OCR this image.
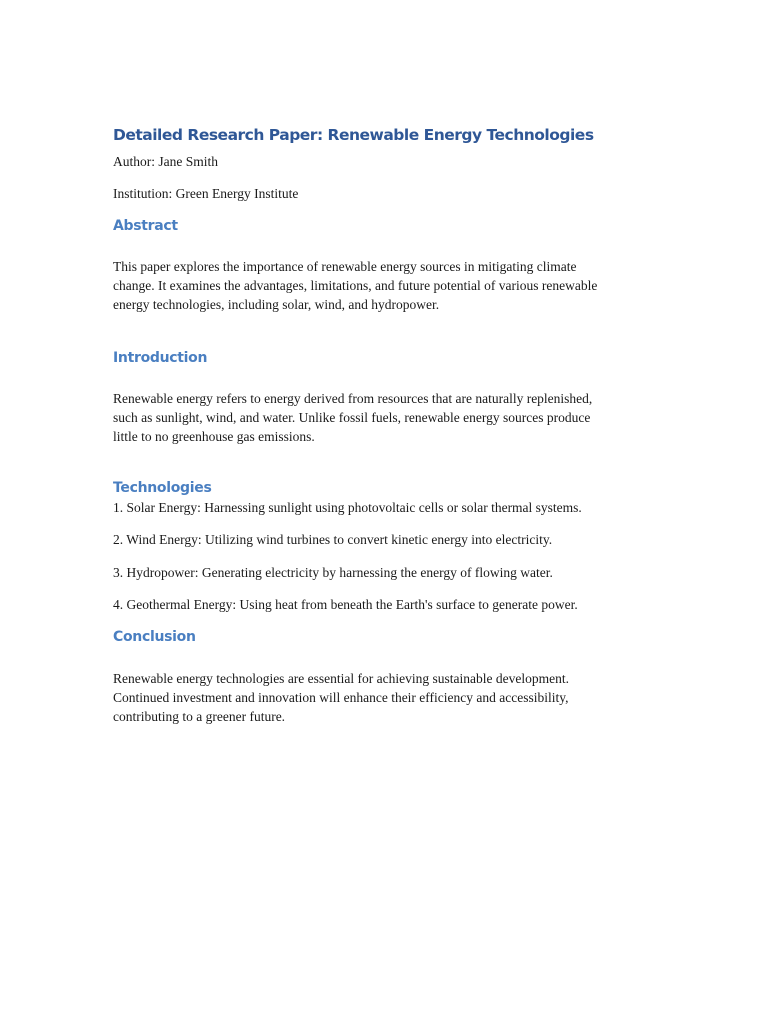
Detailed Research Paper: Renewable Energy Technologies

Author: Jane Smith

Institution: Green Energy Institute

Abstract

This paper explores the importance of renewable energy sources in mitigating climate
change. It examines the advantages, limitations, and future potential of various renewable
energy technologies, including solar, wind, and hydropower.

Introduction

Renewable energy refers to energy derived from resources that are naturally replenished,
such as sunlight, wind, and water. Unlike fossil fuels, renewable energy sources produce
little to no greenhouse gas emissions.

Technologies

1. Solar Energy: Harnessing sunlight using photovoltaic cells or solar thermal systems.

2. Wind Energy: Utilizing wind turbines to convert kinetic energy into electricity.

3. Hydropower: Generating electricity by harnessing the energy of flowing water.

4. Geothermal Energy: Using heat from beneath the Earth's surface to generate power.

Conclusion

Renewable energy technologies are essential for achieving sustainable development.
Continued investment and innovation will enhance their efficiency and accessibility,
contributing to a greener future.
